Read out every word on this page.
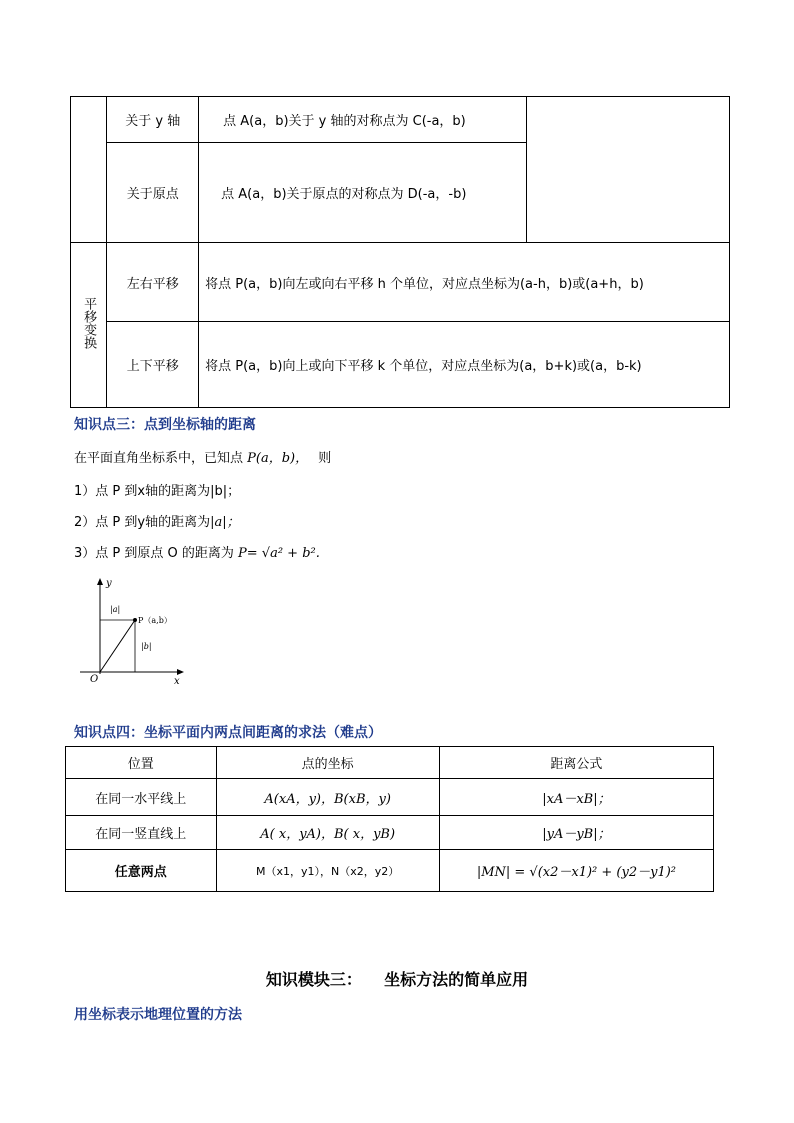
	关于 y 轴	点 A(a，b)关于 y 轴的对称点为 C(-a，b)	
	关于原点	点 A(a，b)关于原点的对称点为 D(-a，-b)	
平移变换	左右平移	将点 P(a，b)向左或向右平移 h 个单位，对应点坐标为(a-h，b)或(a+h，b)	
	上下平移	将点 P(a，b)向上或向下平移 k 个单位，对应点坐标为(a，b+k)或(a，b-k)	
知识点三：点到坐标轴的距离
在平面直角坐标系中，已知点 P(a，b)， 则
1）点 P 到x轴的距离为|b|；
2）点 P 到y轴的距离为|a|；
3）点 P 到原点 O 的距离为 P= √a² + b².
y
x
O
P（a,b）
|a|
|b|
知识点四：坐标平面内两点间距离的求法（难点）
位置	点的坐标	距离公式
在同一水平线上	A(xA，y)，B(xB，y)	|xA－xB|；
在同一竖直线上	A( x，yA)，B( x，yB)	|yA－yB|；
任意两点	M（x1，y1），N（x2，y2）	|MN| = √(x2－x1)² + (y2－y1)²
知识模块三：    坐标方法的简单应用
用坐标表示地理位置的方法
